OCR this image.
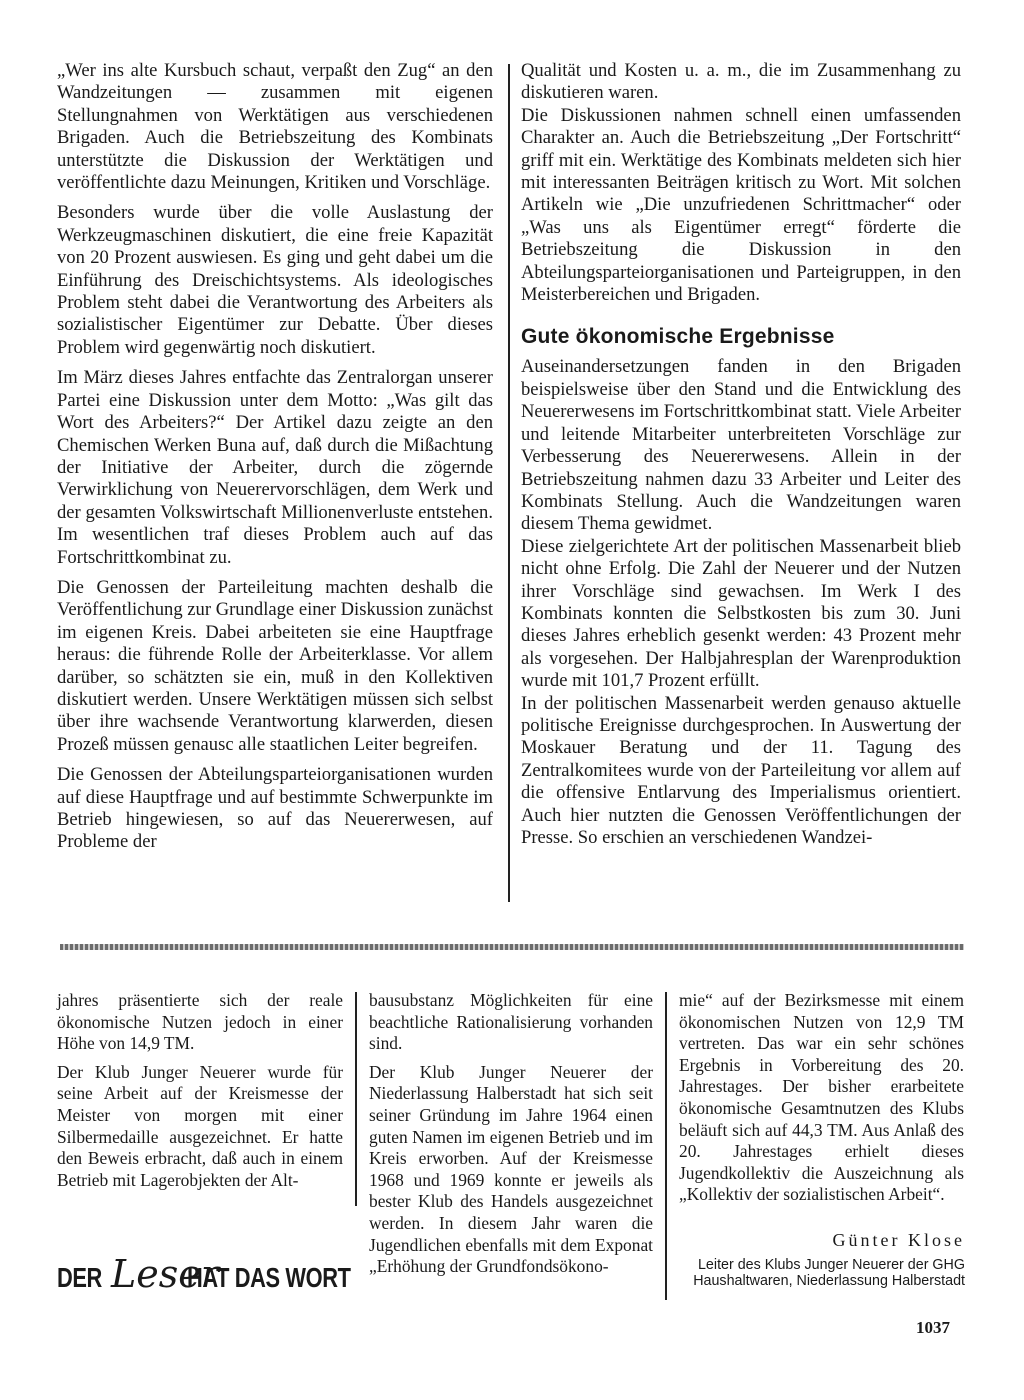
„Wer ins alte Kursbuch schaut, verpaßt den Zug“ an den Wandzeitungen — zusammen mit eigenen Stellungnahmen von Werktätigen aus verschiedenen Brigaden. Auch die Betriebszeitung des Kombinats unterstützte die Diskussion der Werktätigen und veröffentlichte dazu Meinungen, Kritiken und Vorschläge.

Besonders wurde über die volle Auslastung der Werkzeugmaschinen diskutiert, die eine freie Kapazität von 20 Prozent auswiesen. Es ging und geht dabei um die Einführung des Dreischichtsystems. Als ideologisches Problem steht dabei die Verantwortung des Arbeiters als sozialistischer Eigentümer zur Debatte. Über dieses Problem wird gegenwärtig noch diskutiert.

Im März dieses Jahres entfachte das Zentralorgan unserer Partei eine Diskussion unter dem Motto: „Was gilt das Wort des Arbeiters?“ Der Artikel dazu zeigte an den Chemischen Werken Buna auf, daß durch die Mißachtung der Initiative der Arbeiter, durch die zögernde Verwirklichung von Neuerervorschlägen, dem Werk und der gesamten Volkswirtschaft Millionenverluste entstehen. Im wesentlichen traf dieses Problem auch auf das Fortschrittkombinat zu.

Die Genossen der Parteileitung machten deshalb die Veröffentlichung zur Grundlage einer Diskussion zunächst im eigenen Kreis. Dabei arbeiteten sie eine Hauptfrage heraus: die führende Rolle der Arbeiterklasse. Vor allem darüber, so schätzten sie ein, muß in den Kollektiven diskutiert werden. Unsere Werktätigen müssen sich selbst über ihre wachsende Verantwortung klarwerden, diesen Prozeß müssen genausc alle staatlichen Leiter begreifen.

Die Genossen der Abteilungsparteiorganisationen wurden auf diese Hauptfrage und auf bestimmte Schwerpunkte im Betrieb hingewiesen, so auf das Neuererwesen, auf Probleme der

Qualität und Kosten u. a. m., die im Zusammenhang zu diskutieren waren.

Die Diskussionen nahmen schnell einen umfassenden Charakter an. Auch die Betriebszeitung „Der Fortschritt“ griff mit ein. Werktätige des Kombinats meldeten sich hier mit interessanten Beiträgen kritisch zu Wort. Mit solchen Artikeln wie „Die unzufriedenen Schrittmacher“ oder „Was uns als Eigentümer erregt“ förderte die Betriebszeitung die Diskussion in den Abteilungsparteiorganisationen und Parteigruppen, in den Meisterbereichen und Brigaden.

Gute ökonomische Ergebnisse

Auseinandersetzungen fanden in den Brigaden beispielsweise über den Stand und die Entwicklung des Neuererwesens im Fortschrittkombinat statt. Viele Arbeiter und leitende Mitarbeiter unterbreiteten Vorschläge zur Verbesserung des Neuererwesens. Allein in der Betriebszeitung nahmen dazu 33 Arbeiter und Leiter des Kombinats Stellung. Auch die Wandzeitungen waren diesem Thema gewidmet.

Diese zielgerichtete Art der politischen Massenarbeit blieb nicht ohne Erfolg. Die Zahl der Neuerer und der Nutzen ihrer Vorschläge sind gewachsen. Im Werk I des Kombinats konnten die Selbstkosten bis zum 30. Juni dieses Jahres erheblich gesenkt werden: 43 Prozent mehr als vorgesehen. Der Halbjahresplan der Warenproduktion wurde mit 101,7 Prozent erfüllt.

In der politischen Massenarbeit werden genauso aktuelle politische Ereignisse durchgesprochen. In Auswertung der Moskauer Beratung und der 11. Tagung des Zentralkomitees wurde von der Parteileitung vor allem auf die offensive Entlarvung des Imperialismus orientiert. Auch hier nutzten die Genossen Veröffentlichungen der Presse. So erschien an verschiedenen Wandzei-

jahres präsentierte sich der reale ökonomische Nutzen jedoch in einer Höhe von 14,9 TM.

Der Klub Junger Neuerer wurde für seine Arbeit auf der Kreismesse der Meister von morgen mit einer Silbermedaille ausgezeichnet. Er hatte den Beweis erbracht, daß auch in einem Betrieb mit Lagerobjekten der Alt-

bausubstanz Möglichkeiten für eine beachtliche Rationalisierung vorhanden sind.

Der Klub Junger Neuerer der Niederlassung Halberstadt hat sich seit seiner Gründung im Jahre 1964 einen guten Namen im eigenen Betrieb und im Kreis erworben. Auf der Kreismesse 1968 und 1969 konnte er jeweils als bester Klub des Handels ausgezeichnet werden. In diesem Jahr waren die Jugendlichen ebenfalls mit dem Exponat „Erhöhung der Grundfondsökono-

mie“ auf der Bezirksmesse mit einem ökonomischen Nutzen von 12,9 TM vertreten. Das war ein sehr schönes Ergebnis in Vorbereitung des 20. Jahrestages. Der bisher erarbeitete ökonomische Gesamtnutzen des Klubs beläuft sich auf 44,3 TM. Aus Anlaß des 20. Jahrestages erhielt dieses Jugendkollektiv die Auszeichnung als „Kollektiv der sozialistischen Arbeit“.

Günter Klose
Leiter des Klubs Junger Neuerer der GHG Haushaltwaren, Niederlassung Halberstadt
DER Leser
HAT DAS WORT
1037
